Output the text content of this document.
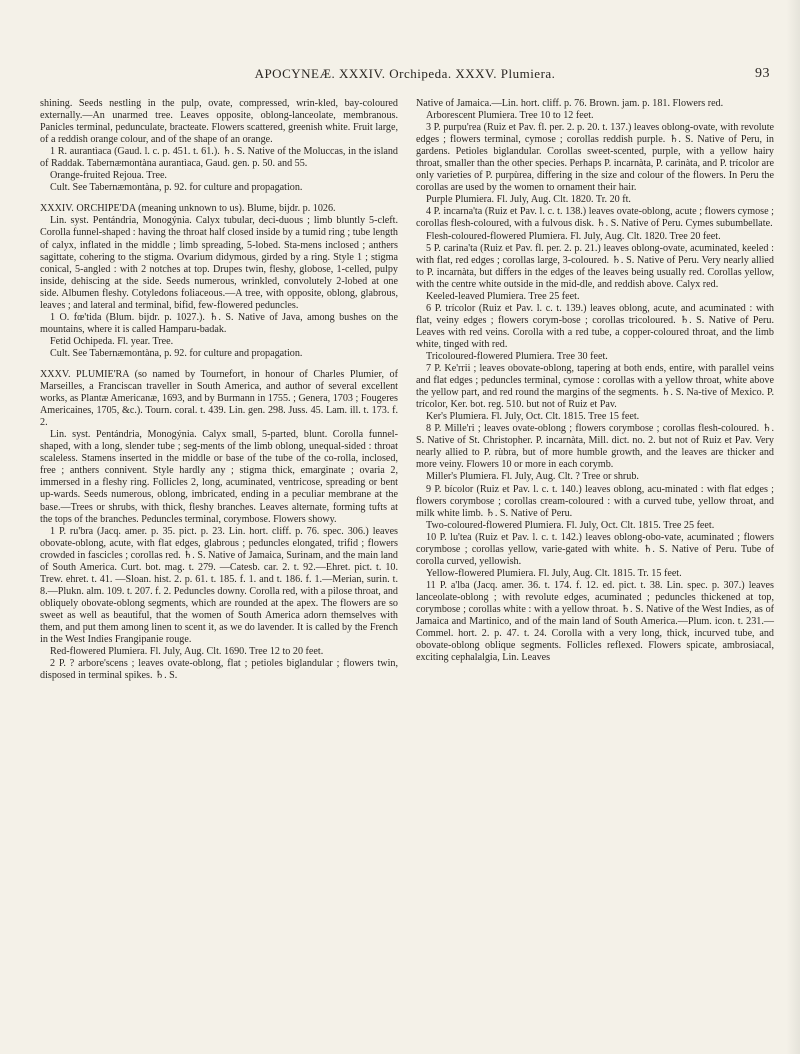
APOCYNEÆ. XXXIV. Orchipeda. XXXV. Plumiera.	93

shining. Seeds nestling in the pulp, ovate, compressed, wrin-kled, bay-coloured externally.—An unarmed tree. Leaves opposite, oblong-lanceolate, membranous. Panicles terminal, pedunculate, bracteate. Flowers scattered, greenish white. Fruit large, of a reddish orange colour, and of the shape of an orange.

1 R. aurantìaca (Gaud. l. c. p. 451. t. 61.). ♄. S. Native of the Moluccas, in the island of Raddak. Tabernæmontàna aurantìaca, Gaud. gen. p. 50. and 55.

Orange-fruited Rejoua. Tree.

Cult. See Tabernæmontàna, p. 92. for culture and propagation.

XXXIV. ORCHIPE'DA (meaning unknown to us). Blume, bijdr. p. 1026.

Lin. syst. Pentándria, Monogýnia. Calyx tubular, deci-duous ; limb bluntly 5-cleft. Corolla funnel-shaped : having the throat half closed inside by a tumid ring ; tube length of calyx, inflated in the middle ; limb spreading, 5-lobed. Sta-mens inclosed ; anthers sagittate, cohering to the stigma. Ovarium didymous, girded by a ring. Style 1 ; stigma conical, 5-angled : with 2 notches at top. Drupes twin, fleshy, globose, 1-celled, pulpy inside, dehiscing at the side. Seeds numerous, wrinkled, convolutely 2-lobed at one side. Albumen fleshy. Cotyledons foliaceous.—A tree, with opposite, oblong, glabrous, leaves ; and lateral and terminal, bifid, few-flowered peduncles.

1 O. fœ'tida (Blum. bijdr. p. 1027.). ♄. S. Native of Java, among bushes on the mountains, where it is called Hamparu-badak.

Fetid Ochipeda. Fl. year. Tree.

Cult. See Tabernæmontàna, p. 92. for culture and propagation.

XXXV. PLUMIE'RA (so named by Tournefort, in honour of Charles Plumier, of Marseilles, a Franciscan traveller in South America, and author of several excellent works, as Plantæ Americanæ, 1693, and by Burmann in 1755. ; Genera, 1703 ; Fougeres Americaines, 1705, &c.). Tourn. coral. t. 439. Lin. gen. 298. Juss. 45. Lam. ill. t. 173. f. 2.

Lin. syst. Pentándria, Monogýnia. Calyx small, 5-parted, blunt. Corolla funnel-shaped, with a long, slender tube ; seg-ments of the limb oblong, unequal-sided : throat scaleless. Stamens inserted in the middle or base of the tube of the co-rolla, inclosed, free ; anthers connivent. Style hardly any ; stigma thick, emarginate ; ovaria 2, immersed in a fleshy ring. Follicles 2, long, acuminated, ventricose, spreading or bent up-wards. Seeds numerous, oblong, imbricated, ending in a peculiar membrane at the base.—Trees or shrubs, with thick, fleshy branches. Leaves alternate, forming tufts at the tops of the branches. Peduncles terminal, corymbose. Flowers showy.

1 P. ru'bra (Jacq. amer. p. 35. pict. p. 23. Lin. hort. cliff. p. 76. spec. 306.) leaves obovate-oblong, acute, with flat edges, glabrous ; peduncles elongated, trifid ; flowers crowded in fascicles ; corollas red. ♄. S. Native of Jamaica, Surinam, and the main land of South America. Curt. bot. mag. t. 279. —Catesb. car. 2. t. 92.—Ehret. pict. t. 10. Trew. ehret. t. 41. —Sloan. hist. 2. p. 61. t. 185. f. 1. and t. 186. f. 1.—Merian, surin. t. 8.—Plukn. alm. 109. t. 207. f. 2. Peduncles downy. Corolla red, with a pilose throat, and obliquely obovate-oblong segments, which are rounded at the apex. The flowers are so sweet as well as beautiful, that the women of South America adorn themselves with them, and put them among linen to scent it, as we do lavender. It is called by the French in the West Indies Frangipanie rouge.

Red-flowered Plumiera. Fl. July, Aug. Clt. 1690. Tree 12 to 20 feet.

2 P. ? arbore'scens ; leaves ovate-oblong, flat ; petioles biglandular ; flowers twin, disposed in terminal spikes. ♄. S.

Native of Jamaica.—Lin. hort. cliff. p. 76. Brown. jam. p. 181. Flowers red.

Arborescent Plumiera. Tree 10 to 12 feet.

3 P. purpu'rea (Ruiz et Pav. fl. per. 2. p. 20. t. 137.) leaves oblong-ovate, with revolute edges ; flowers terminal, cymose ; corollas reddish purple. ♄. S. Native of Peru, in gardens. Petioles biglandular. Corollas sweet-scented, purple, with a yellow hairy throat, smaller than the other species. Perhaps P. incarnàta, P. carinàta, and P. trícolor are only varieties of P. purpùrea, differing in the size and colour of the flowers. In Peru the corollas are used by the women to ornament their hair.

Purple Plumiera. Fl. July, Aug. Clt. 1820. Tr. 20 ft.

4 P. incarna'ta (Ruiz et Pav. l. c. t. 138.) leaves ovate-oblong, acute ; flowers cymose ; corollas flesh-coloured, with a fulvous disk. ♄. S. Native of Peru. Cymes subumbellate.

Flesh-coloured-flowered Plumiera. Fl. July, Aug. Clt. 1820. Tree 20 feet.

5 P. carina'ta (Ruiz et Pav. fl. per. 2. p. 21.) leaves oblong-ovate, acuminated, keeled : with flat, red edges ; corollas large, 3-coloured. ♄. S. Native of Peru. Very nearly allied to P. incarnàta, but differs in the edges of the leaves being usually red. Corollas yellow, with the centre white outside in the mid-dle, and reddish above. Calyx red.

Keeled-leaved Plumiera. Tree 25 feet.

6 P. trícolor (Ruiz et Pav. l. c. t. 139.) leaves oblong, acute, and acuminated : with flat, veiny edges ; flowers corym-bose ; corollas tricoloured. ♄. S. Native of Peru. Leaves with red veins. Corolla with a red tube, a copper-coloured throat, and the limb white, tinged with red.

Tricoloured-flowered Plumiera. Tree 30 feet.

7 P. Ke'rrii ; leaves obovate-oblong, tapering at both ends, entire, with parallel veins and flat edges ; peduncles terminal, cymose : corollas with a yellow throat, white above the yellow part, and red round the margins of the segments. ♄. S. Na-tive of Mexico. P. trícolor, Ker. bot. reg. 510. but not of Ruiz et Pav.

Ker's Plumiera. Fl. July, Oct. Clt. 1815. Tree 15 feet.

8 P. Mille'ri ; leaves ovate-oblong ; flowers corymbose ; corollas flesh-coloured. ♄. S. Native of St. Christopher. P. incarnàta, Mill. dict. no. 2. but not of Ruiz et Pav. Very nearly allied to P. rùbra, but of more humble growth, and the leaves are thicker and more veiny. Flowers 10 or more in each corymb.

Miller's Plumiera. Fl. July, Aug. Clt. ? Tree or shrub.

9 P. bícolor (Ruiz et Pav. l. c. t. 140.) leaves oblong, acu-minated : with flat edges ; flowers corymbose ; corollas cream-coloured : with a curved tube, yellow throat, and milk white limb. ♄. S. Native of Peru.

Two-coloured-flowered Plumiera. Fl. July, Oct. Clt. 1815. Tree 25 feet.

10 P. lu'tea (Ruiz et Pav. l. c. t. 142.) leaves oblong-obo-vate, acuminated ; flowers corymbose ; corollas yellow, varie-gated with white. ♄. S. Native of Peru. Tube of corolla curved, yellowish.

Yellow-flowered Plumiera. Fl. July, Aug. Clt. 1815. Tr. 15 feet.

11 P. a'lba (Jacq. amer. 36. t. 174. f. 12. ed. pict. t. 38. Lin. spec. p. 307.) leaves lanceolate-oblong ; with revolute edges, acuminated ; peduncles thickened at top, corymbose ; corollas white : with a yellow throat. ♄. S. Native of the West Indies, as of Jamaica and Martinico, and of the main land of South America.—Plum. icon. t. 231.—Commel. hort. 2. p. 47. t. 24. Corolla with a very long, thick, incurved tube, and obovate-oblong oblique segments. Follicles reflexed. Flowers spicate, ambrosiacal, exciting cephalalgia, Lin. Leaves
